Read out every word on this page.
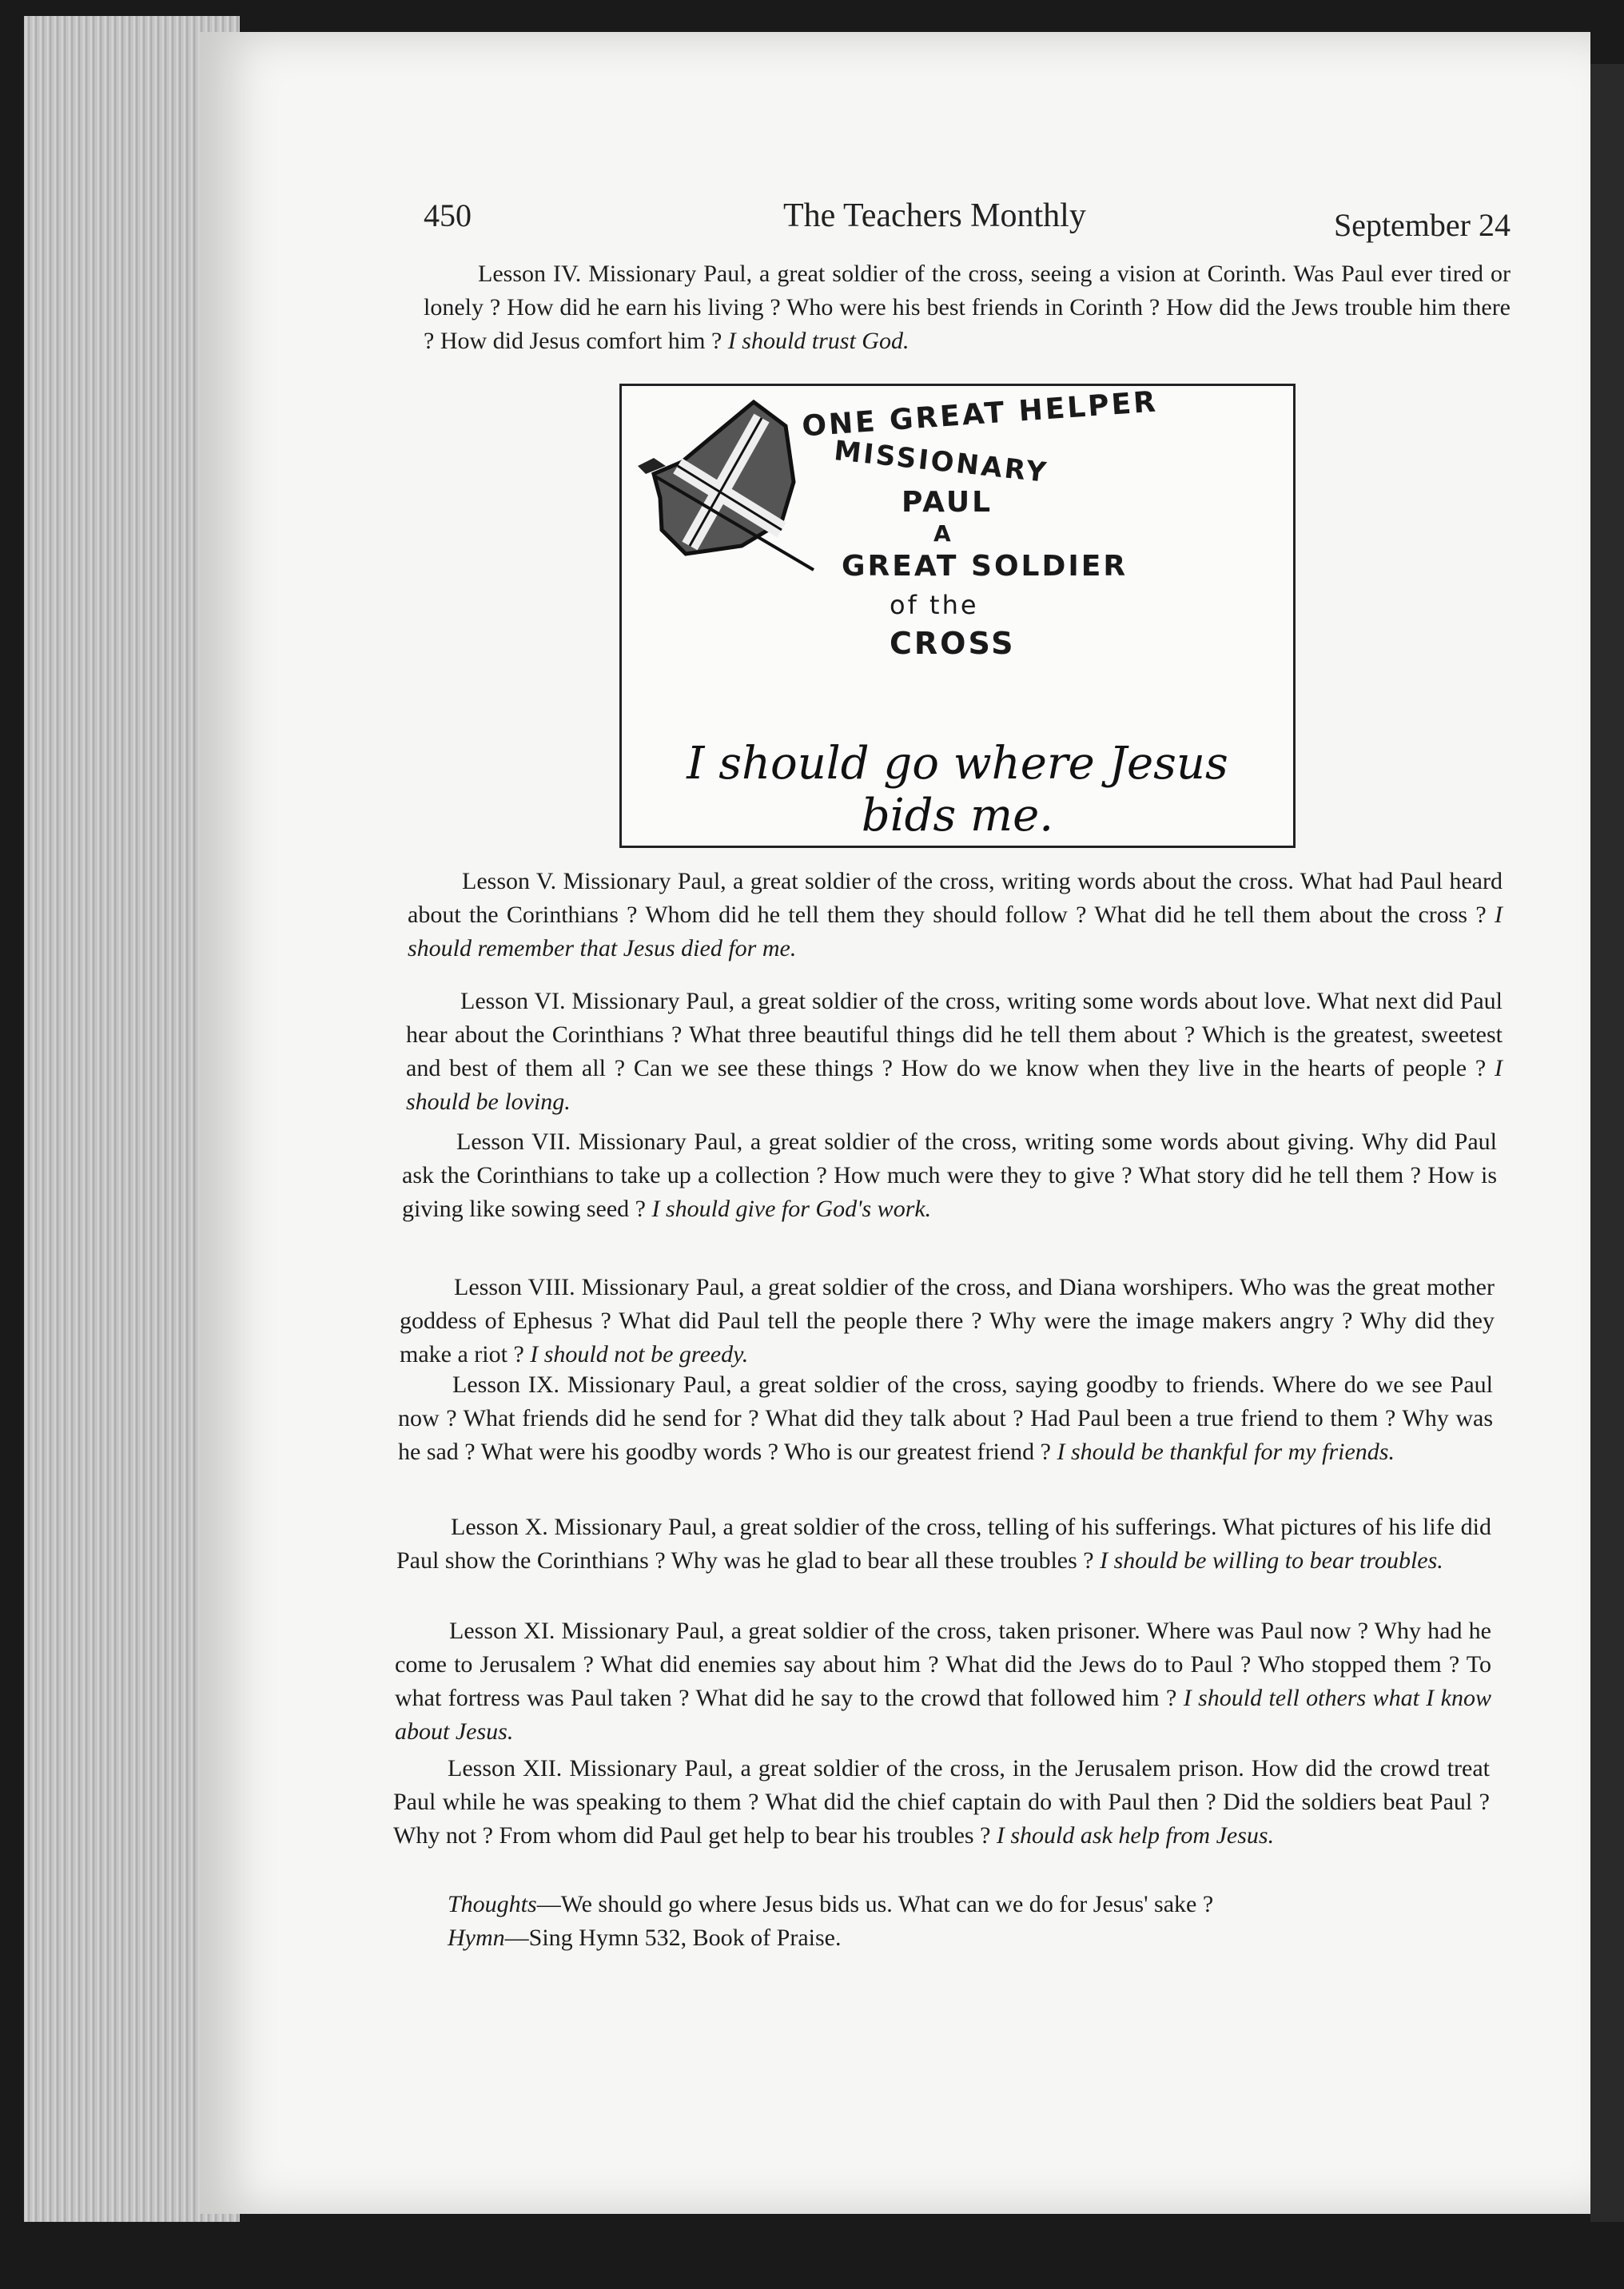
450	The Teachers Monthly	September 24
Lesson IV. Missionary Paul, a great soldier of the cross, seeing a vision at Corinth. Was Paul ever tired or lonely ? How did he earn his living ? Who were his best friends in Corinth ? How did the Jews trouble him there ? How did Jesus comfort him ? I should trust God.
ONE GREAT HELPER
MISSIONARY
PAUL
A
GREAT SOLDIER
of the
CROSS
I should go where Jesus bids me.
Lesson V. Missionary Paul, a great soldier of the cross, writing words about the cross. What had Paul heard about the Corinthians ? Whom did he tell them they should follow ? What did he tell them about the cross ? I should remember that Jesus died for me.
Lesson VI. Missionary Paul, a great soldier of the cross, writing some words about love. What next did Paul hear about the Corinthians ? What three beautiful things did he tell them about ? Which is the greatest, sweetest and best of them all ? Can we see these things ? How do we know when they live in the hearts of people ? I should be loving.
Lesson VII. Missionary Paul, a great soldier of the cross, writing some words about giving. Why did Paul ask the Corinthians to take up a collection ? How much were they to give ? What story did he tell them ? How is giving like sowing seed ? I should give for God's work.
Lesson VIII. Missionary Paul, a great soldier of the cross, and Diana worshipers. Who was the great mother goddess of Ephesus ? What did Paul tell the people there ? Why were the image makers angry ? Why did they make a riot ? I should not be greedy.
Lesson IX. Missionary Paul, a great soldier of the cross, saying goodby to friends. Where do we see Paul now ? What friends did he send for ? What did they talk about ? Had Paul been a true friend to them ? Why was he sad ? What were his goodby words ? Who is our greatest friend ? I should be thankful for my friends.
Lesson X. Missionary Paul, a great soldier of the cross, telling of his sufferings. What pictures of his life did Paul show the Corinthians ? Why was he glad to bear all these troubles ? I should be willing to bear troubles.
Lesson XI. Missionary Paul, a great soldier of the cross, taken prisoner. Where was Paul now ? Why had he come to Jerusalem ? What did enemies say about him ? What did the Jews do to Paul ? Who stopped them ? To what fortress was Paul taken ? What did he say to the crowd that followed him ? I should tell others what I know about Jesus.
Lesson XII. Missionary Paul, a great soldier of the cross, in the Jerusalem prison. How did the crowd treat Paul while he was speaking to them ? What did the chief captain do with Paul then ? Did the soldiers beat Paul ? Why not ? From whom did Paul get help to bear his troubles ? I should ask help from Jesus.
Thoughts—We should go where Jesus bids us. What can we do for Jesus' sake ?
Hymn—Sing Hymn 532, Book of Praise.
